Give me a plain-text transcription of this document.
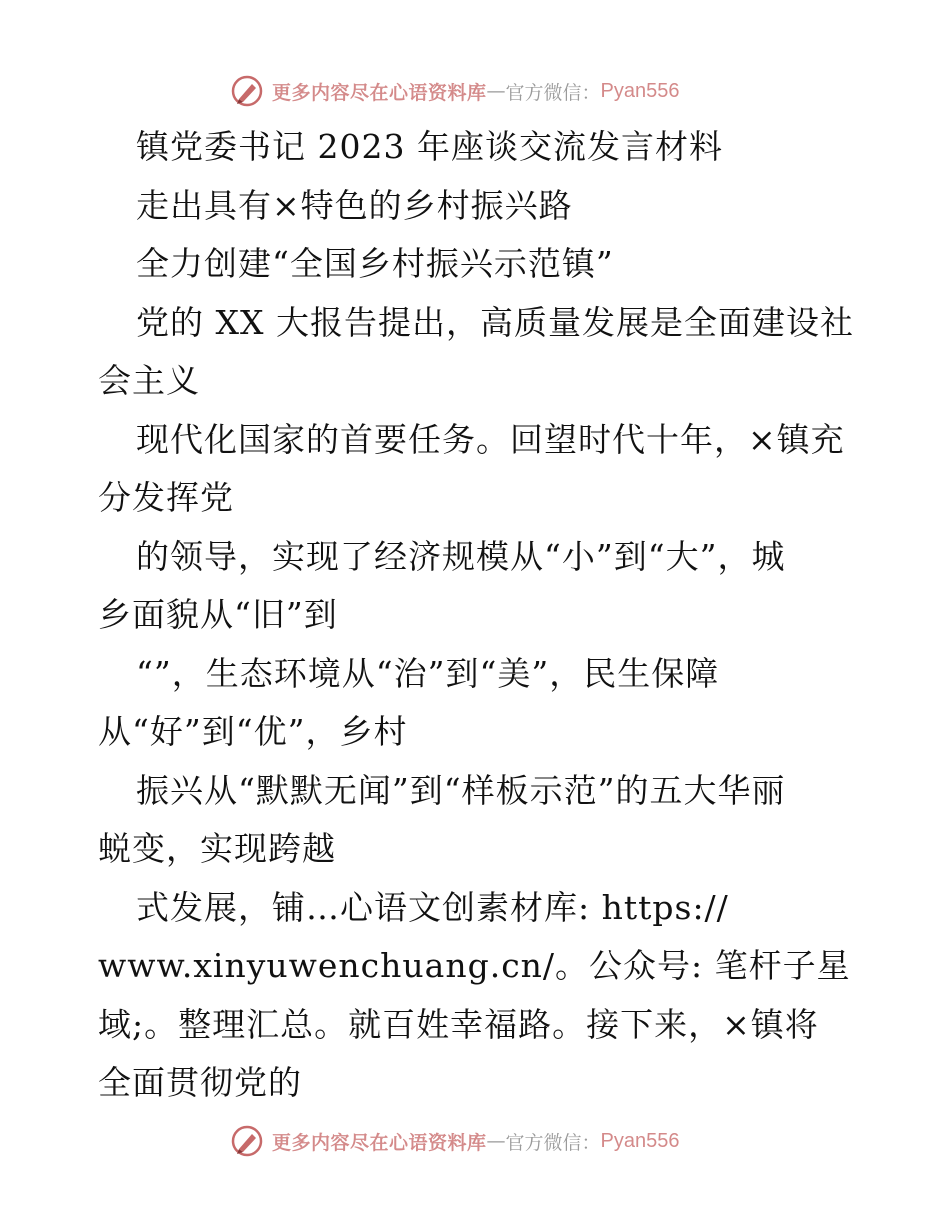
更多内容尽在心语资料库 — 官方微信： Pyan556
镇党委书记 2023 年座谈交流发言材料
走出具有×特色的乡村振兴路
全力创建“全国乡村振兴示范镇”
党的 XX 大报告提出，高质量发展是全面建设社
会主义
现代化国家的首要任务。回望时代十年，×镇充
分发挥党
的领导，实现了经济规模从“小”到“大”，城
乡面貌从“旧”到
“”，生态环境从“治”到“美”，民生保障
从“好”到“优”，乡村
振兴从“默默无闻”到“样板示范”的五大华丽
蜕变，实现跨越
式发展，铺…心语文创素材库: https://
www.xinyuwenchuang.cn/。公众号: 笔杆子星
域;。整理汇总。就百姓幸福路。接下来，×镇将
全面贯彻党的
更多内容尽在心语资料库 — 官方微信： Pyan556
